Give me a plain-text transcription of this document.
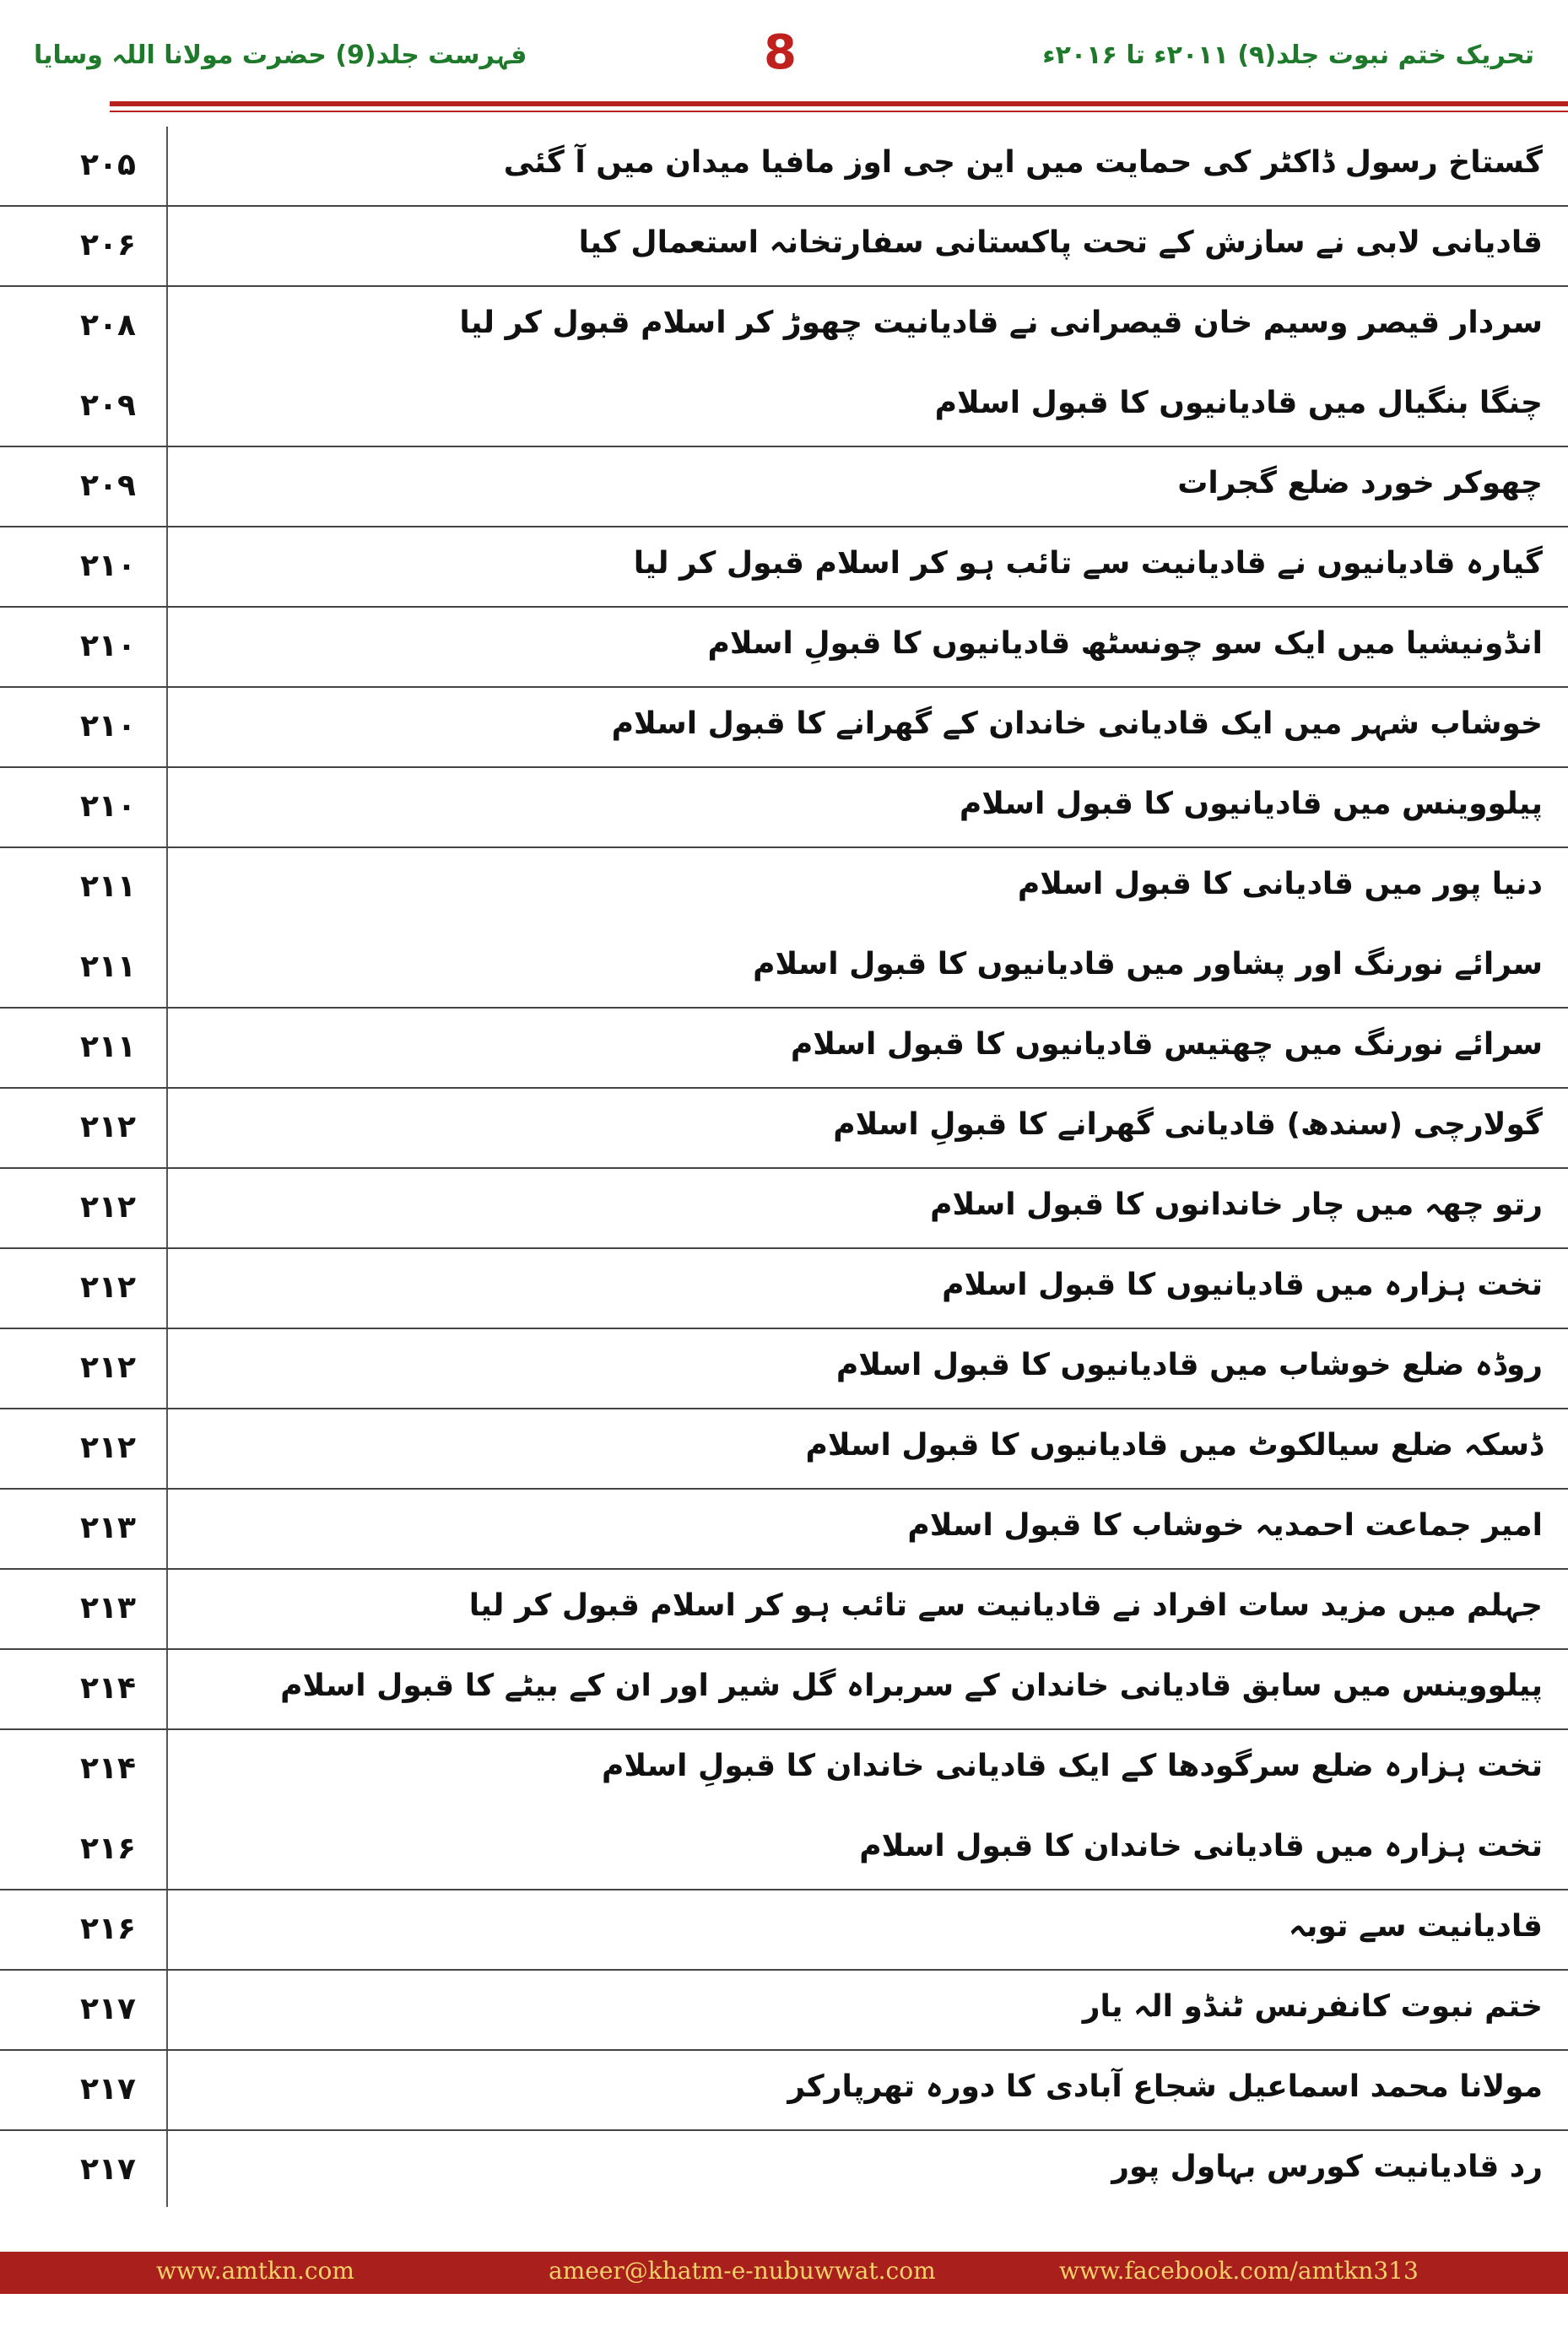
فہرست جلد(9) حضرت مولانا اللہ وسایا	8	تحریک ختم نبوت جلد(۹) ۲۰۱۱ء تا ۲۰۱۶ء
۲۰۵	گستاخ رسول ڈاکٹر کی حمایت میں این جی اوز مافیا میدان میں آ گئی
۲۰۶	قادیانی لابی نے سازش کے تحت پاکستانی سفارتخانہ استعمال کیا
۲۰۸	سردار قیصر وسیم خان قیصرانی نے قادیانیت چھوڑ کر اسلام قبول کر لیا
۲۰۹	چنگا بنگیال میں قادیانیوں کا قبول اسلام
۲۰۹	چھوکر خورد ضلع گجرات
۲۱۰	گیارہ قادیانیوں نے قادیانیت سے تائب ہو کر اسلام قبول کر لیا
۲۱۰	انڈونیشیا میں ایک سو چونسٹھ قادیانیوں کا قبولِ اسلام
۲۱۰	خوشاب شہر میں ایک قادیانی خاندان کے گھرانے کا قبول اسلام
۲۱۰	پیلووینس میں قادیانیوں کا قبول اسلام
۲۱۱	دنیا پور میں قادیانی کا قبول اسلام
۲۱۱	سرائے نورنگ اور پشاور میں قادیانیوں کا قبول اسلام
۲۱۱	سرائے نورنگ میں چھتیس قادیانیوں کا قبول اسلام
۲۱۲	گولارچی (سندھ) قادیانی گھرانے کا قبولِ اسلام
۲۱۲	رتو چھہ میں چار خاندانوں کا قبول اسلام
۲۱۲	تخت ہزارہ میں قادیانیوں کا قبول اسلام
۲۱۲	روڈہ ضلع خوشاب میں قادیانیوں کا قبول اسلام
۲۱۲	ڈسکہ ضلع سیالکوٹ میں قادیانیوں کا قبول اسلام
۲۱۳	امیر جماعت احمدیہ خوشاب کا قبول اسلام
۲۱۳	جہلم میں مزید سات افراد نے قادیانیت سے تائب ہو کر اسلام قبول کر لیا
۲۱۴	پیلووینس میں سابق قادیانی خاندان کے سربراہ گل شیر اور ان کے بیٹے کا قبول اسلام
۲۱۴	تخت ہزارہ ضلع سرگودھا کے ایک قادیانی خاندان کا قبولِ اسلام
۲۱۶	تخت ہزارہ میں قادیانی خاندان کا قبول اسلام
۲۱۶	قادیانیت سے توبہ
۲۱۷	ختم نبوت کانفرنس ٹنڈو الہ یار
۲۱۷	مولانا محمد اسماعیل شجاع آبادی کا دورہ تھرپارکر
۲۱۷	رد قادیانیت کورس بہاول پور
www.amtkn.com	ameer@khatm-e-nubuwwat.com	www.facebook.com/amtkn313
